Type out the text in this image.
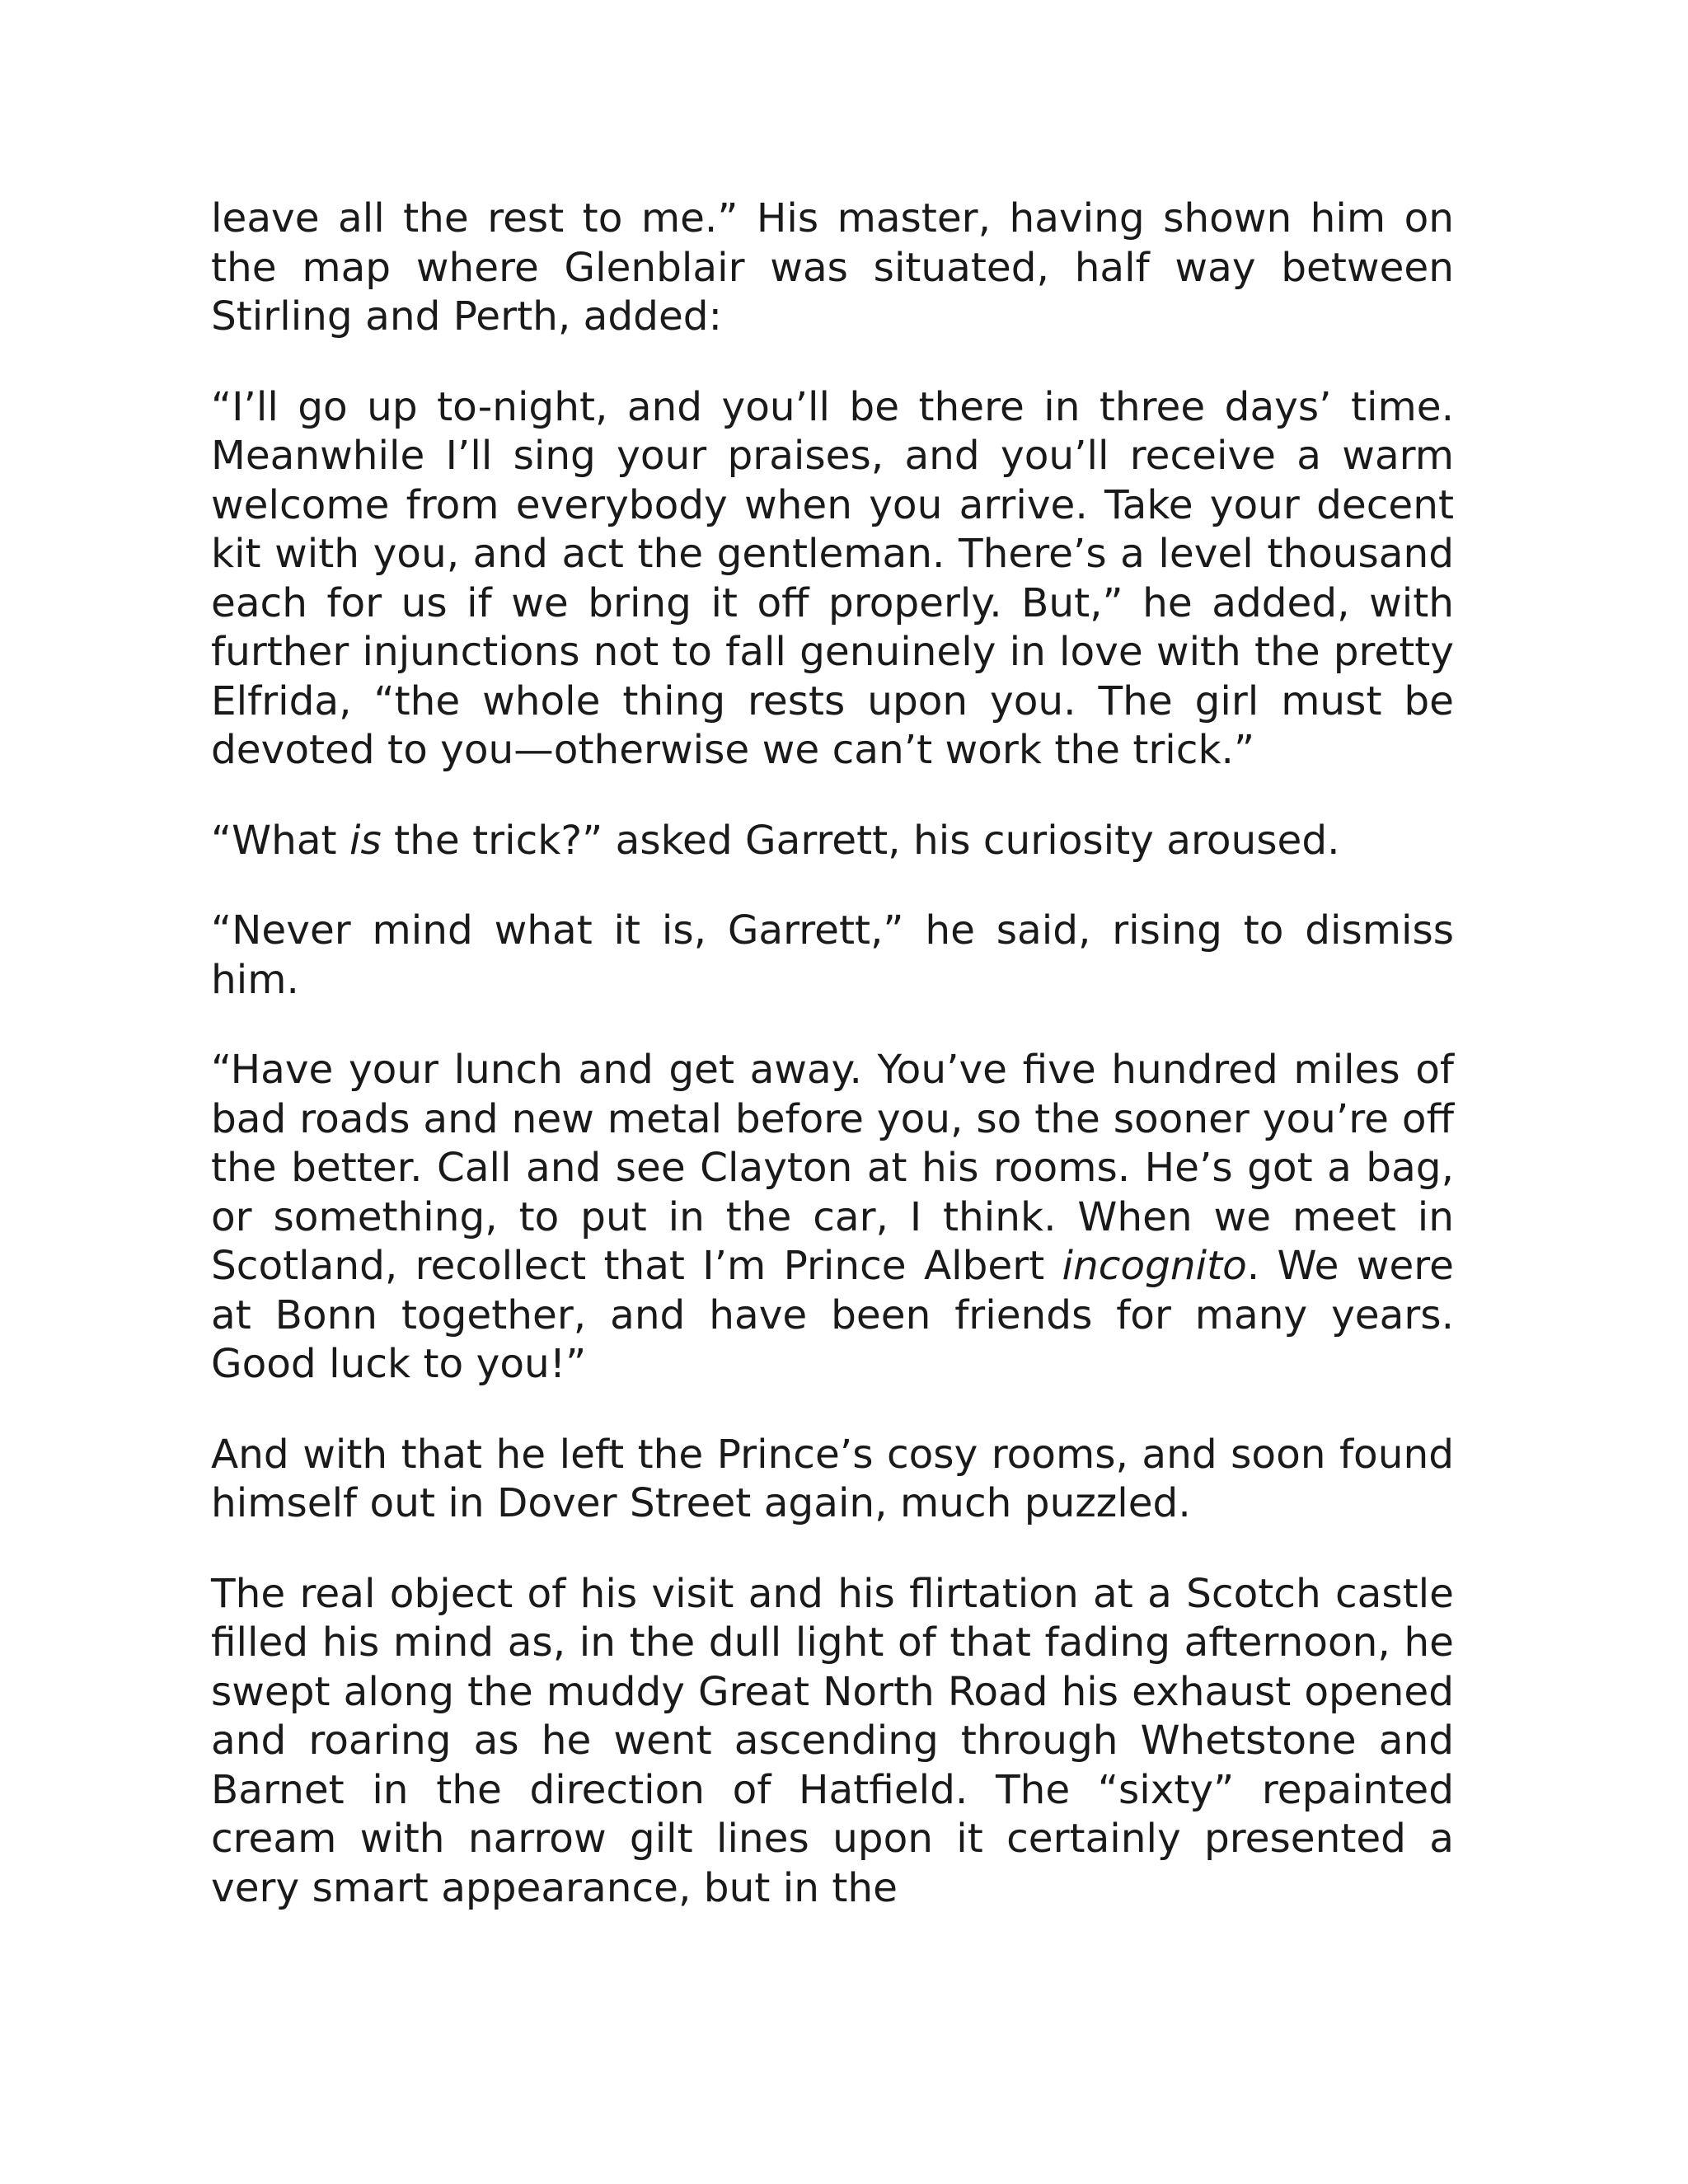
leave all the rest to me.” His master, having shown him on the map where Glenblair was situated, half way between Stirling and Perth, added:

“I’ll go up to-night, and you’ll be there in three days’ time. Meanwhile I’ll sing your praises, and you’ll receive a warm welcome from everybody when you arrive. Take your decent kit with you, and act the gentleman. There’s a level thousand each for us if we bring it off properly. But,” he added, with further injunctions not to fall genuinely in love with the pretty Elfrida, “the whole thing rests upon you. The girl must be devoted to you—otherwise we can’t work the trick.”

“What is the trick?” asked Garrett, his curiosity aroused.

“Never mind what it is, Garrett,” he said, rising to dismiss him.

“Have your lunch and get away. You’ve five hundred miles of bad roads and new metal before you, so the sooner you’re off the better. Call and see Clayton at his rooms. He’s got a bag, or something, to put in the car, I think. When we meet in Scotland, recollect that I’m Prince Albert incognito. We were at Bonn together, and have been friends for many years. Good luck to you!”

And with that he left the Prince’s cosy rooms, and soon found himself out in Dover Street again, much puzzled.

The real object of his visit and his flirtation at a Scotch castle filled his mind as, in the dull light of that fading afternoon, he swept along the muddy Great North Road his exhaust opened and roaring as he went ascending through Whetstone and Barnet in the direction of Hatfield. The “sixty” repainted cream with narrow gilt lines upon it certainly presented a very smart appearance, but in the
